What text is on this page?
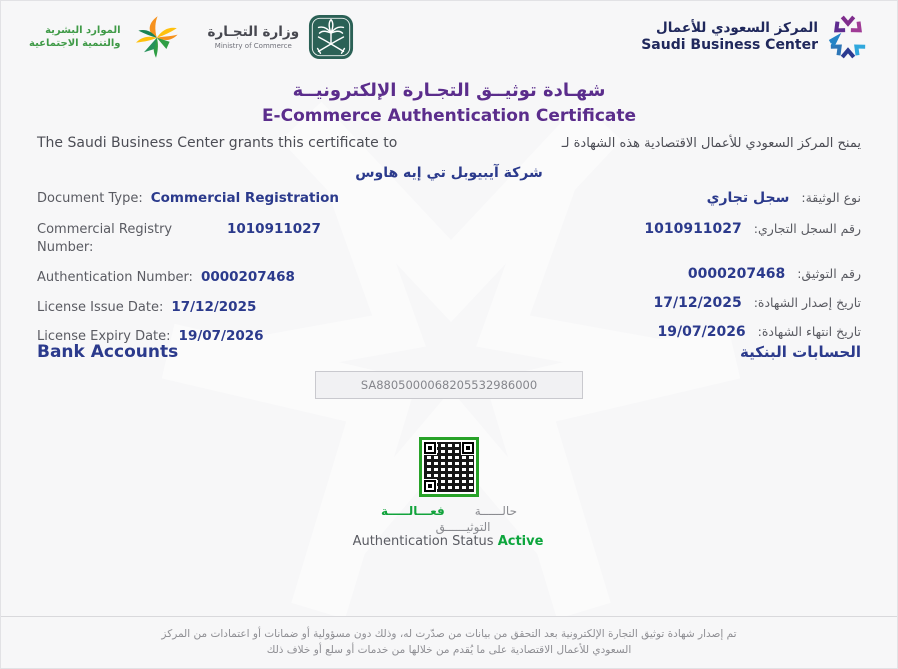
الموارد البشرية
والتنمية الاجتماعية
وزارة التجـارة
Ministry of Commerce
المركز السعودي للأعمال
Saudi Business Center
شهـادة توثيــق التجـارة الإلكترونيــة
E-Commerce Authentication Certificate
The Saudi Business Center grants this certificate to	يمنح المركز السعودي للأعمال الاقتصادية هذه الشهادة لـ
شركة آيبيوبل تي إيه هاوس
Document Type: Commercial Registration
Commercial Registry Number:
1010911027
Authentication Number: 0000207468
License Issue Date: 17/12/2025
License Expiry Date: 19/07/2026
نوع الوثيقة:
سجل تجاري
رقم السجل التجاري:
1010911027
رقم التوثيق:
0000207468
تاريخ إصدار الشهادة:
17/12/2025
تاريخ انتهاء الشهادة:
19/07/2026
Bank Accounts	الحسابات البنكية
SA8805000068205532986000
حالــــــة
فعـــالـــــة
التوثيــــــق
Authentication Status Active
تم إصدار شهادة توثيق التجارة الإلكترونية بعد التحقق من بيانات من صدّرت له، وذلك دون مسؤولية أو ضمانات أو اعتمادات من المركز
السعودي للأعمال الاقتصادية على ما يُقدم من خلالها من خدمات أو سلع أو خلاف ذلك
